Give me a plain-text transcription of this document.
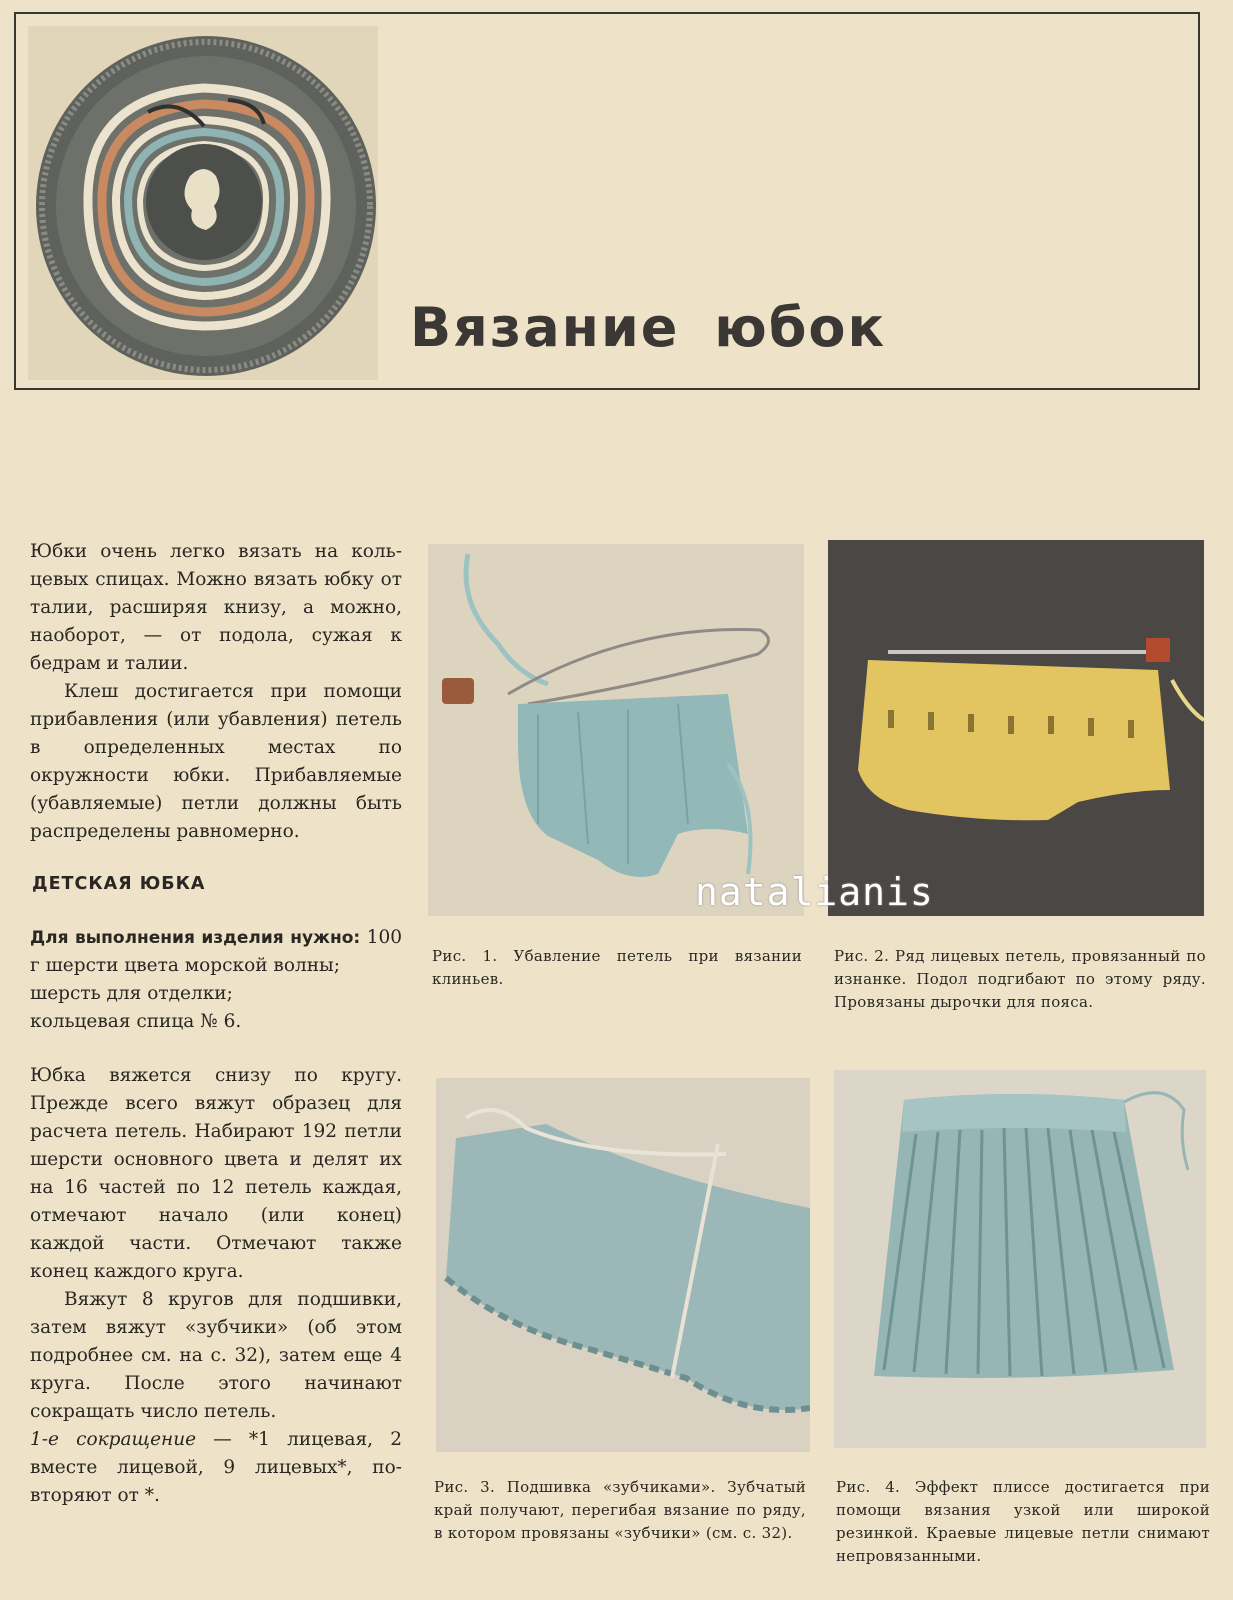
Вязание юбок

Юбки очень легко вязать на кольцевых спицах. Можно вязать юбку от талии, расширяя книзу, а можно, наоборот, — от подола, сужая к бедрам и талии.

Клеш достигается при помощи прибавления (или убавления) петель в определенных местах по окружности юбки. Прибавляемые (убавляемые) петли должны быть распределены равномерно.

ДЕТСКАЯ ЮБКА

Для выполнения изделия нужно: 100 г шерсти цвета морской волны;
шерсть для отделки;
кольцевая спица № 6.

Юбка вяжется снизу по кругу. Прежде всего вяжут образец для расчета петель. Набирают 192 петли шерсти основного цвета и делят их на 16 частей по 12 петель каждая, отмечают начало (или конец) каждой части. Отмечают также конец каждого круга.

Вяжут 8 кругов для подшивки, затем вяжут «зубчики» (об этом подробнее см. на с. 32), затем еще 4 круга. После этого начинают сокращать число петель.

1-е сокращение — *1 лицевая, 2 вместе лицевой, 9 лицевых*, повторяют от *.

natalianis
Рис. 1. Убавление петель при вязании клиньев.
Рис. 2. Ряд лицевых петель, провязанный по изнанке. Подол подгибают по этому ряду. Провязаны дырочки для пояса.
Рис. 3. Подшивка «зубчиками». Зубчатый край получают, перегибая вязание по ряду, в котором провязаны «зубчики» (см. с. 32).
Рис. 4. Эффект плиссе достигается при помощи вязания узкой или широкой резинкой. Краевые лицевые петли снимают непровязанными.
